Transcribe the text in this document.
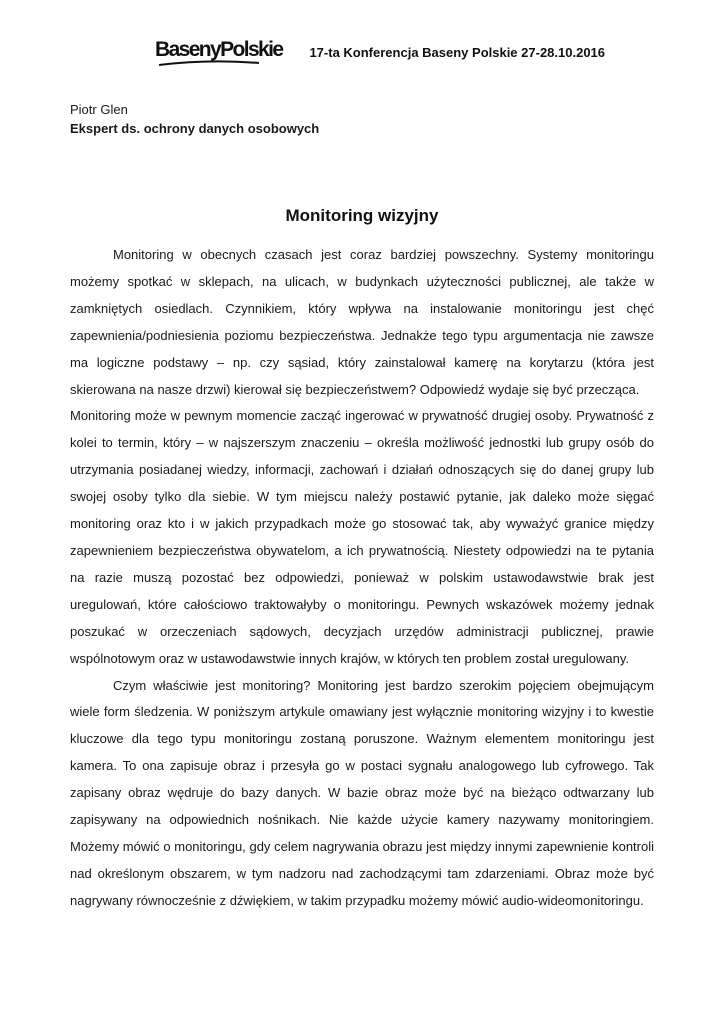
BasenyPolskie 17-ta Konferencja Baseny Polskie 27-28.10.2016
Piotr Glen
Ekspert ds. ochrony danych osobowych
Monitoring wizyjny

Monitoring w obecnych czasach jest coraz bardziej powszechny. Systemy monitoringu możemy spotkać w sklepach, na ulicach, w budynkach użyteczności publicznej, ale także w zamkniętych osiedlach. Czynnikiem, który wpływa na instalowanie monitoringu jest chęć zapewnienia/podniesienia poziomu bezpieczeństwa. Jednakże tego typu argumentacja nie zawsze ma logiczne podstawy – np. czy sąsiad, który zainstalował kamerę na korytarzu (która jest skierowana na nasze drzwi) kierował się bezpieczeństwem? Odpowiedź wydaje się być przecząca.

Monitoring może w pewnym momencie zacząć ingerować w prywatność drugiej osoby. Prywatność z kolei to termin, który – w najszerszym znaczeniu – określa możliwość jednostki lub grupy osób do utrzymania posiadanej wiedzy, informacji, zachowań i działań odnoszących się do danej grupy lub swojej osoby tylko dla siebie. W tym miejscu należy postawić pytanie, jak daleko może sięgać monitoring oraz kto i w jakich przypadkach może go stosować tak, aby wyważyć granice między zapewnieniem bezpieczeństwa obywatelom, a ich prywatnością. Niestety odpowiedzi na te pytania na razie muszą pozostać bez odpowiedzi, ponieważ w polskim ustawodawstwie brak jest uregulowań, które całościowo traktowałyby o monitoringu. Pewnych wskazówek możemy jednak poszukać w orzeczeniach sądowych, decyzjach urzędów administracji publicznej, prawie wspólnotowym oraz w ustawodawstwie innych krajów, w których ten problem został uregulowany.

Czym właściwie jest monitoring? Monitoring jest bardzo szerokim pojęciem obejmującym wiele form śledzenia. W poniższym artykule omawiany jest wyłącznie monitoring wizyjny i to kwestie kluczowe dla tego typu monitoringu zostaną poruszone. Ważnym elementem monitoringu jest kamera. To ona zapisuje obraz i przesyła go w postaci sygnału analogowego lub cyfrowego. Tak zapisany obraz wędruje do bazy danych. W bazie obraz może być na bieżąco odtwarzany lub zapisywany na odpowiednich nośnikach. Nie każde użycie kamery nazywamy monitoringiem. Możemy mówić o monitoringu, gdy celem nagrywania obrazu jest między innymi zapewnienie kontroli nad określonym obszarem, w tym nadzoru nad zachodzącymi tam zdarzeniami. Obraz może być nagrywany równocześnie z dźwiękiem, w takim przypadku możemy mówić audio-wideomonitoringu.
